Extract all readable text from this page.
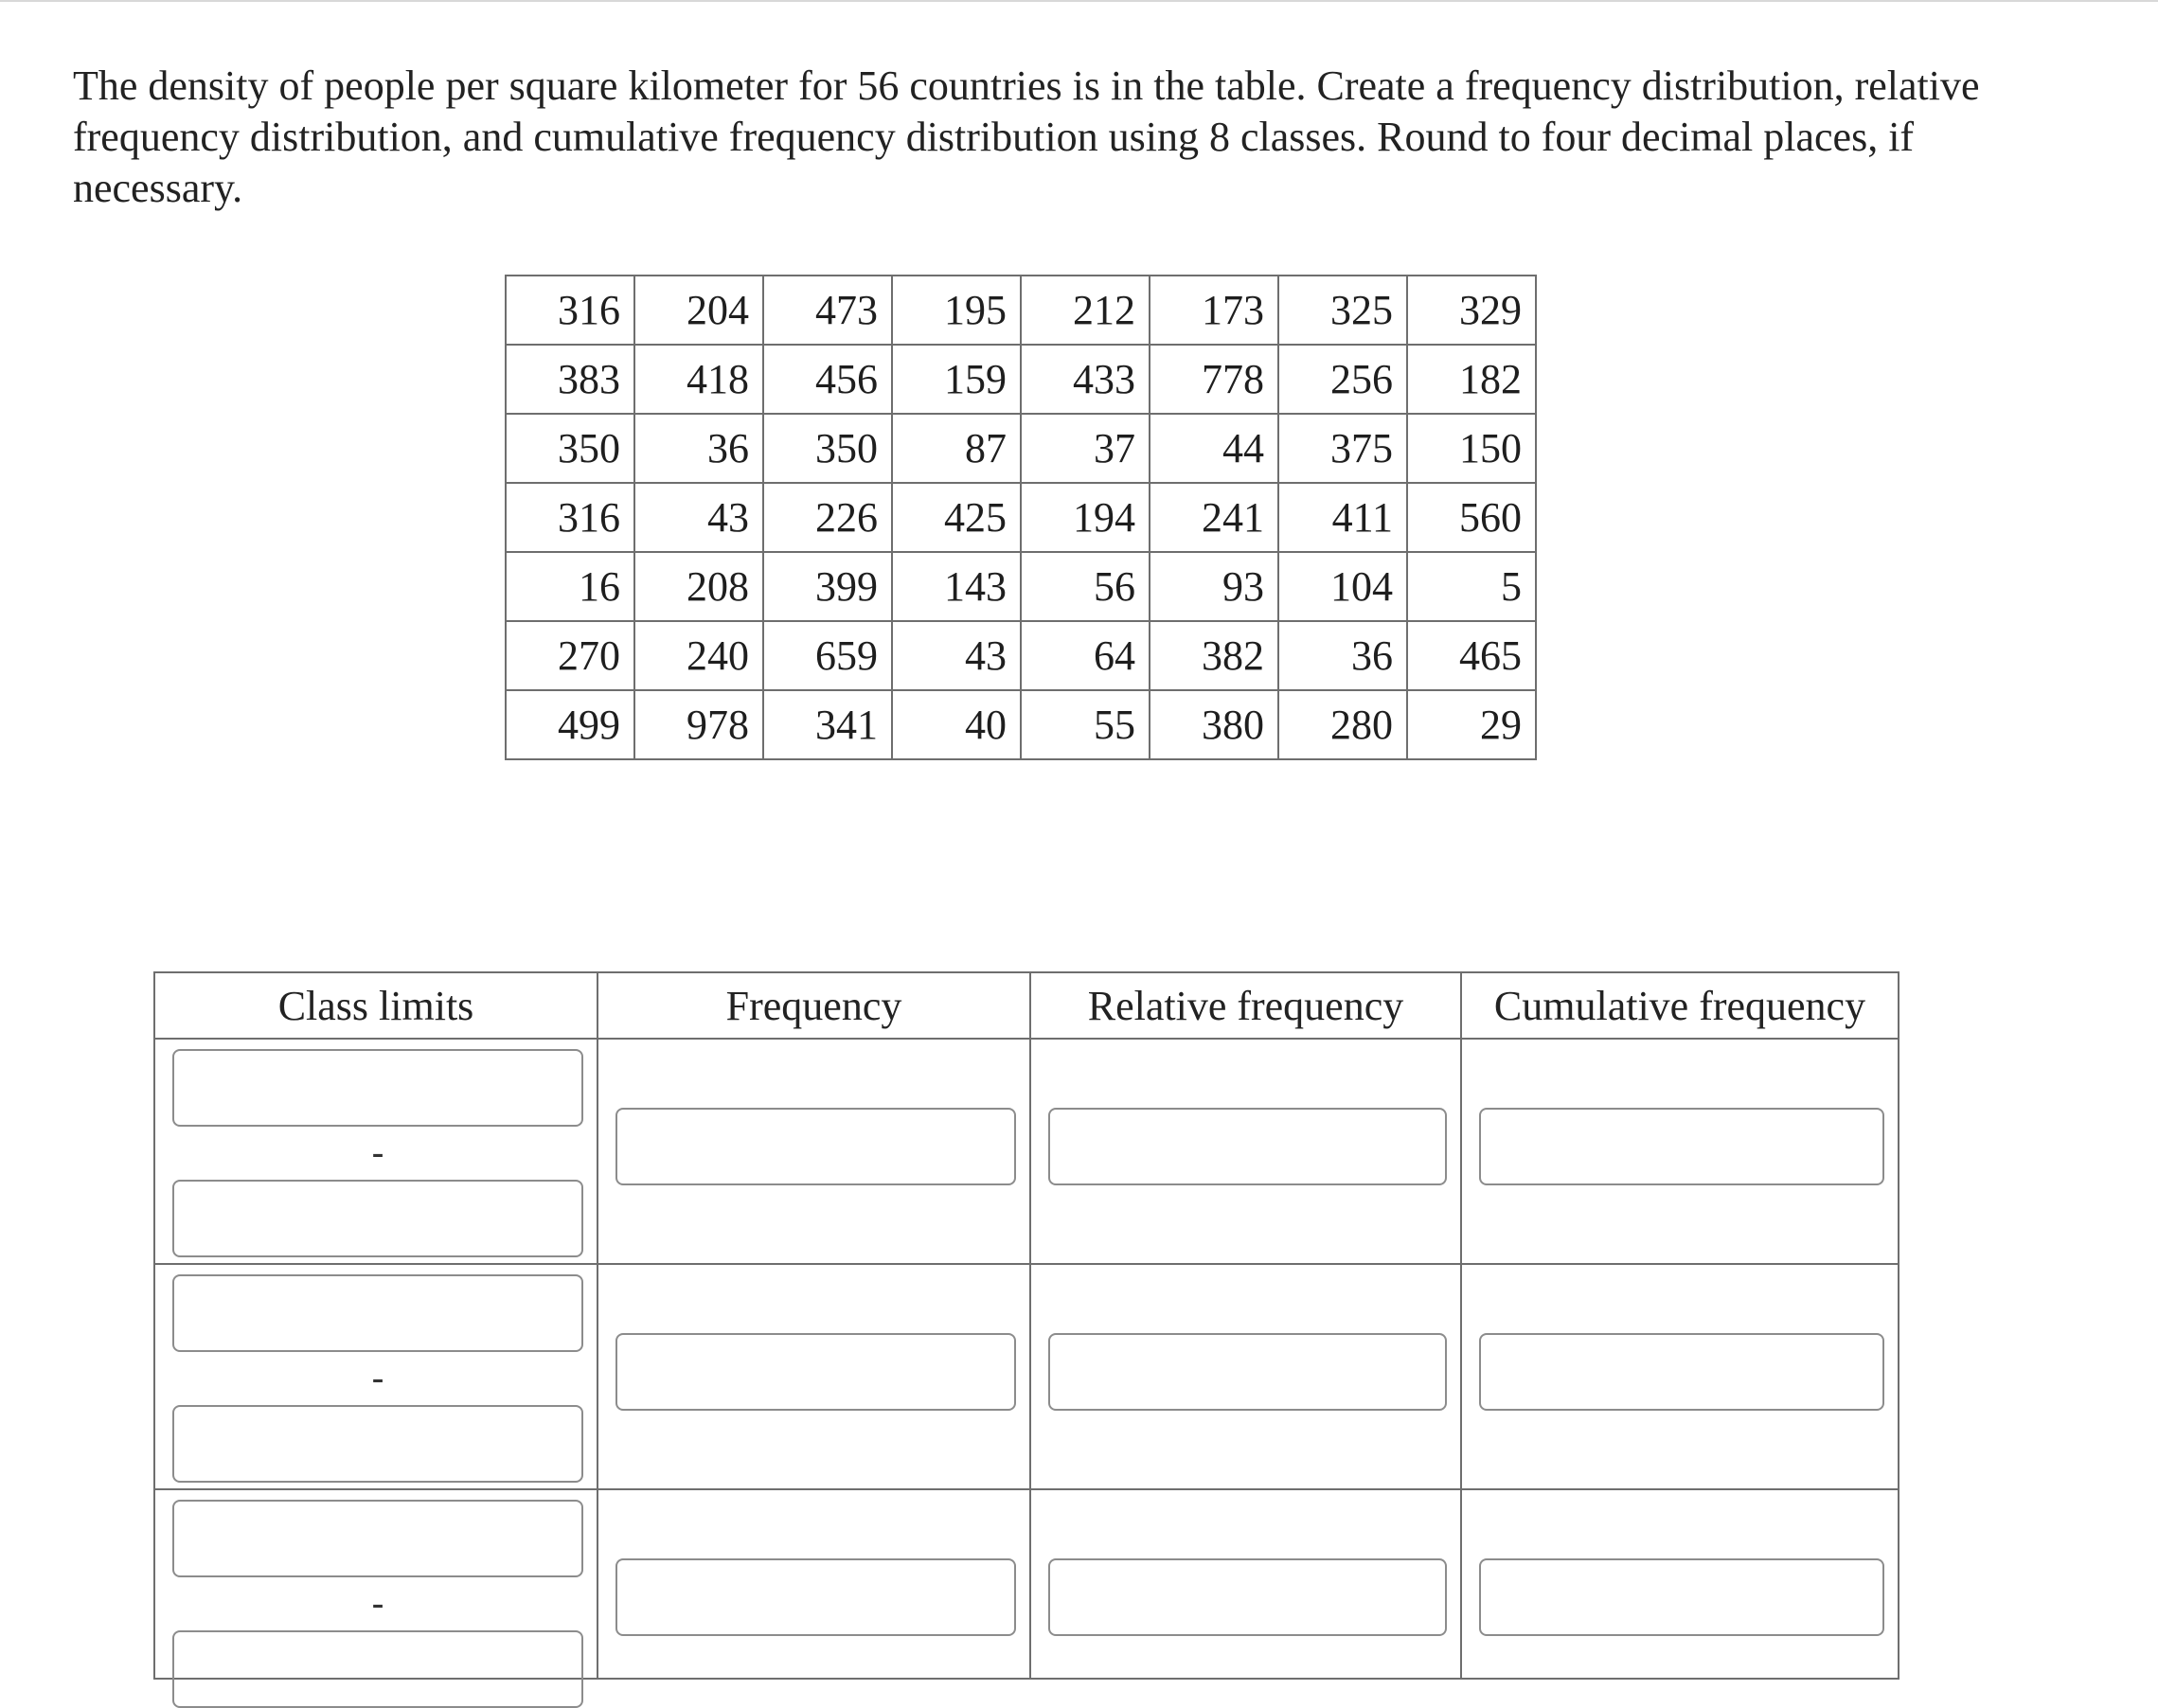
The density of people per square kilometer for 56 countries is in the table. Create a frequency distribution, relative frequency distribution, and cumulative frequency distribution using 8 classes. Round to four decimal places, if necessary.
316	204	473	195	212	173	325	329
383	418	456	159	433	778	256	182
350	36	350	87	37	44	375	150
316	43	226	425	194	241	411	560
16	208	399	143	56	93	104	5
270	240	659	43	64	382	36	465
499	978	341	40	55	380	280	29
Class limits	Frequency	Relative frequency	Cumulative frequency

-

-

-
